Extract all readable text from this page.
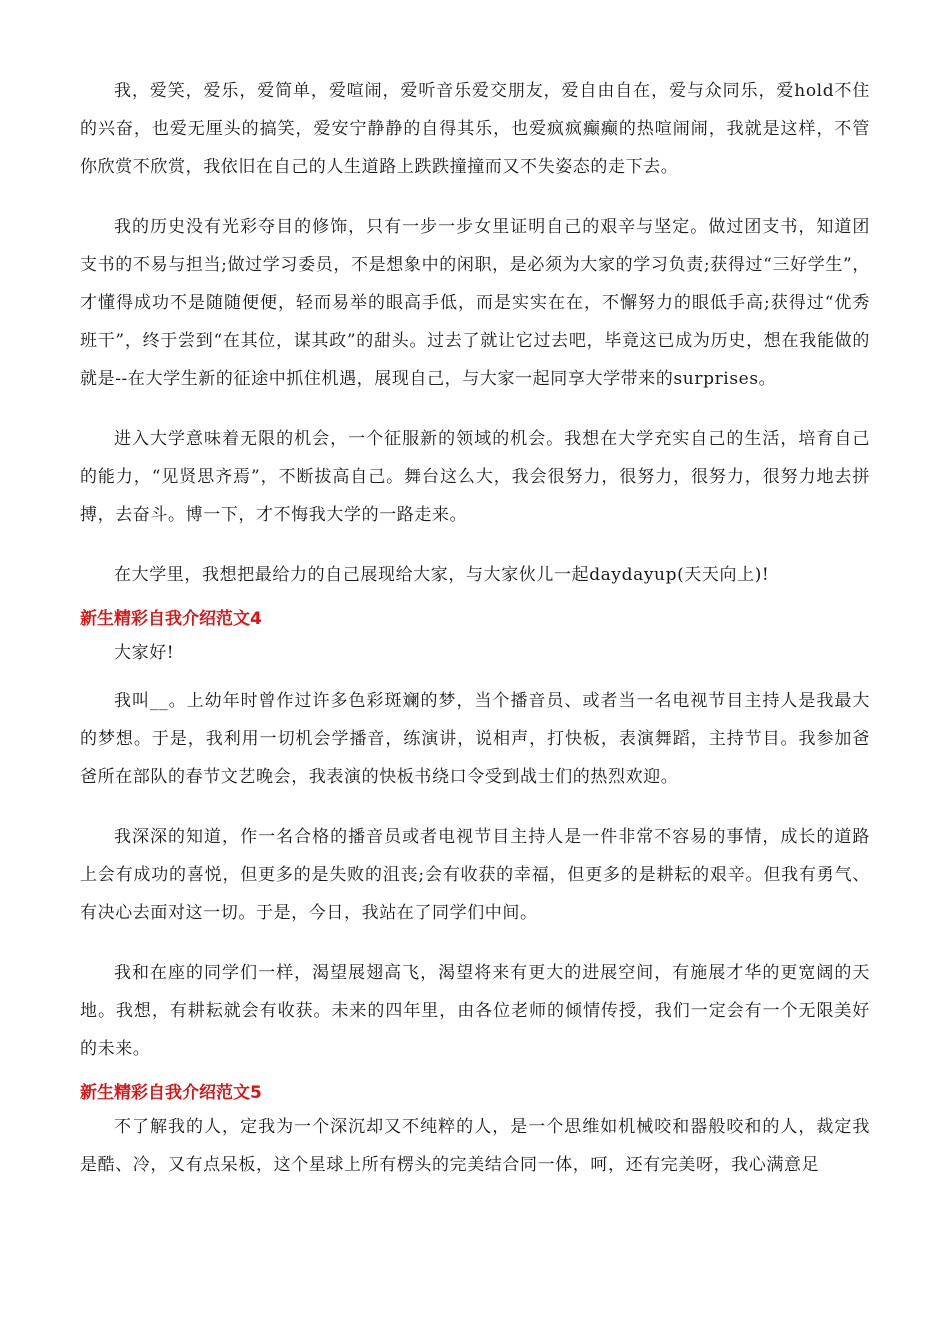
我，爱笑，爱乐，爱简单，爱喧闹，爱听音乐爱交朋友，爱自由自在，爱与众同乐，爱hold不住的兴奋，也爱无厘头的搞笑，爱安宁静静的自得其乐，也爱疯疯癫癫的热喧闹闹，我就是这样，不管你欣赏不欣赏，我依旧在自己的人生道路上跌跌撞撞而又不失姿态的走下去。

我的历史没有光彩夺目的修饰，只有一步一步女里证明自己的艰辛与坚定。做过团支书，知道团支书的不易与担当;做过学习委员，不是想象中的闲职，是必须为大家的学习负责;获得过“三好学生”，才懂得成功不是随随便便，轻而易举的眼高手低，而是实实在在，不懈努力的眼低手高;获得过“优秀班干”，终于尝到“在其位，谋其政”的甜头。过去了就让它过去吧，毕竟这已成为历史，想在我能做的就是--在大学生新的征途中抓住机遇，展现自己，与大家一起同享大学带来的surprises。

进入大学意味着无限的机会，一个征服新的领域的机会。我想在大学充实自己的生活，培育自己的能力，“见贤思齐焉”，不断拔高自己。舞台这么大，我会很努力，很努力，很努力，很努力地去拼搏，去奋斗。博一下，才不悔我大学的一路走来。

在大学里，我想把最给力的自己展现给大家，与大家伙儿一起daydayup(天天向上)!

新生精彩自我介绍范文4
大家好!

我叫__。上幼年时曾作过许多色彩斑斓的梦，当个播音员、或者当一名电视节目主持人是我最大的梦想。于是，我利用一切机会学播音，练演讲，说相声，打快板，表演舞蹈，主持节目。我参加爸爸所在部队的春节文艺晚会，我表演的快板书绕口令受到战士们的热烈欢迎。

我深深的知道，作一名合格的播音员或者电视节目主持人是一件非常不容易的事情，成长的道路上会有成功的喜悦，但更多的是失败的沮丧;会有收获的幸福，但更多的是耕耘的艰辛。但我有勇气、有决心去面对这一切。于是，今日，我站在了同学们中间。

我和在座的同学们一样，渴望展翅高飞，渴望将来有更大的进展空间，有施展才华的更宽阔的天地。我想，有耕耘就会有收获。未来的四年里，由各位老师的倾情传授，我们一定会有一个无限美好的未来。

新生精彩自我介绍范文5

不了解我的人，定我为一个深沉却又不纯粹的人，是一个思维如机械咬和器般咬和的人，裁定我是酷、冷，又有点呆板，这个星球上所有楞头的完美结合同一体，呵，还有完美呀，我心满意足
